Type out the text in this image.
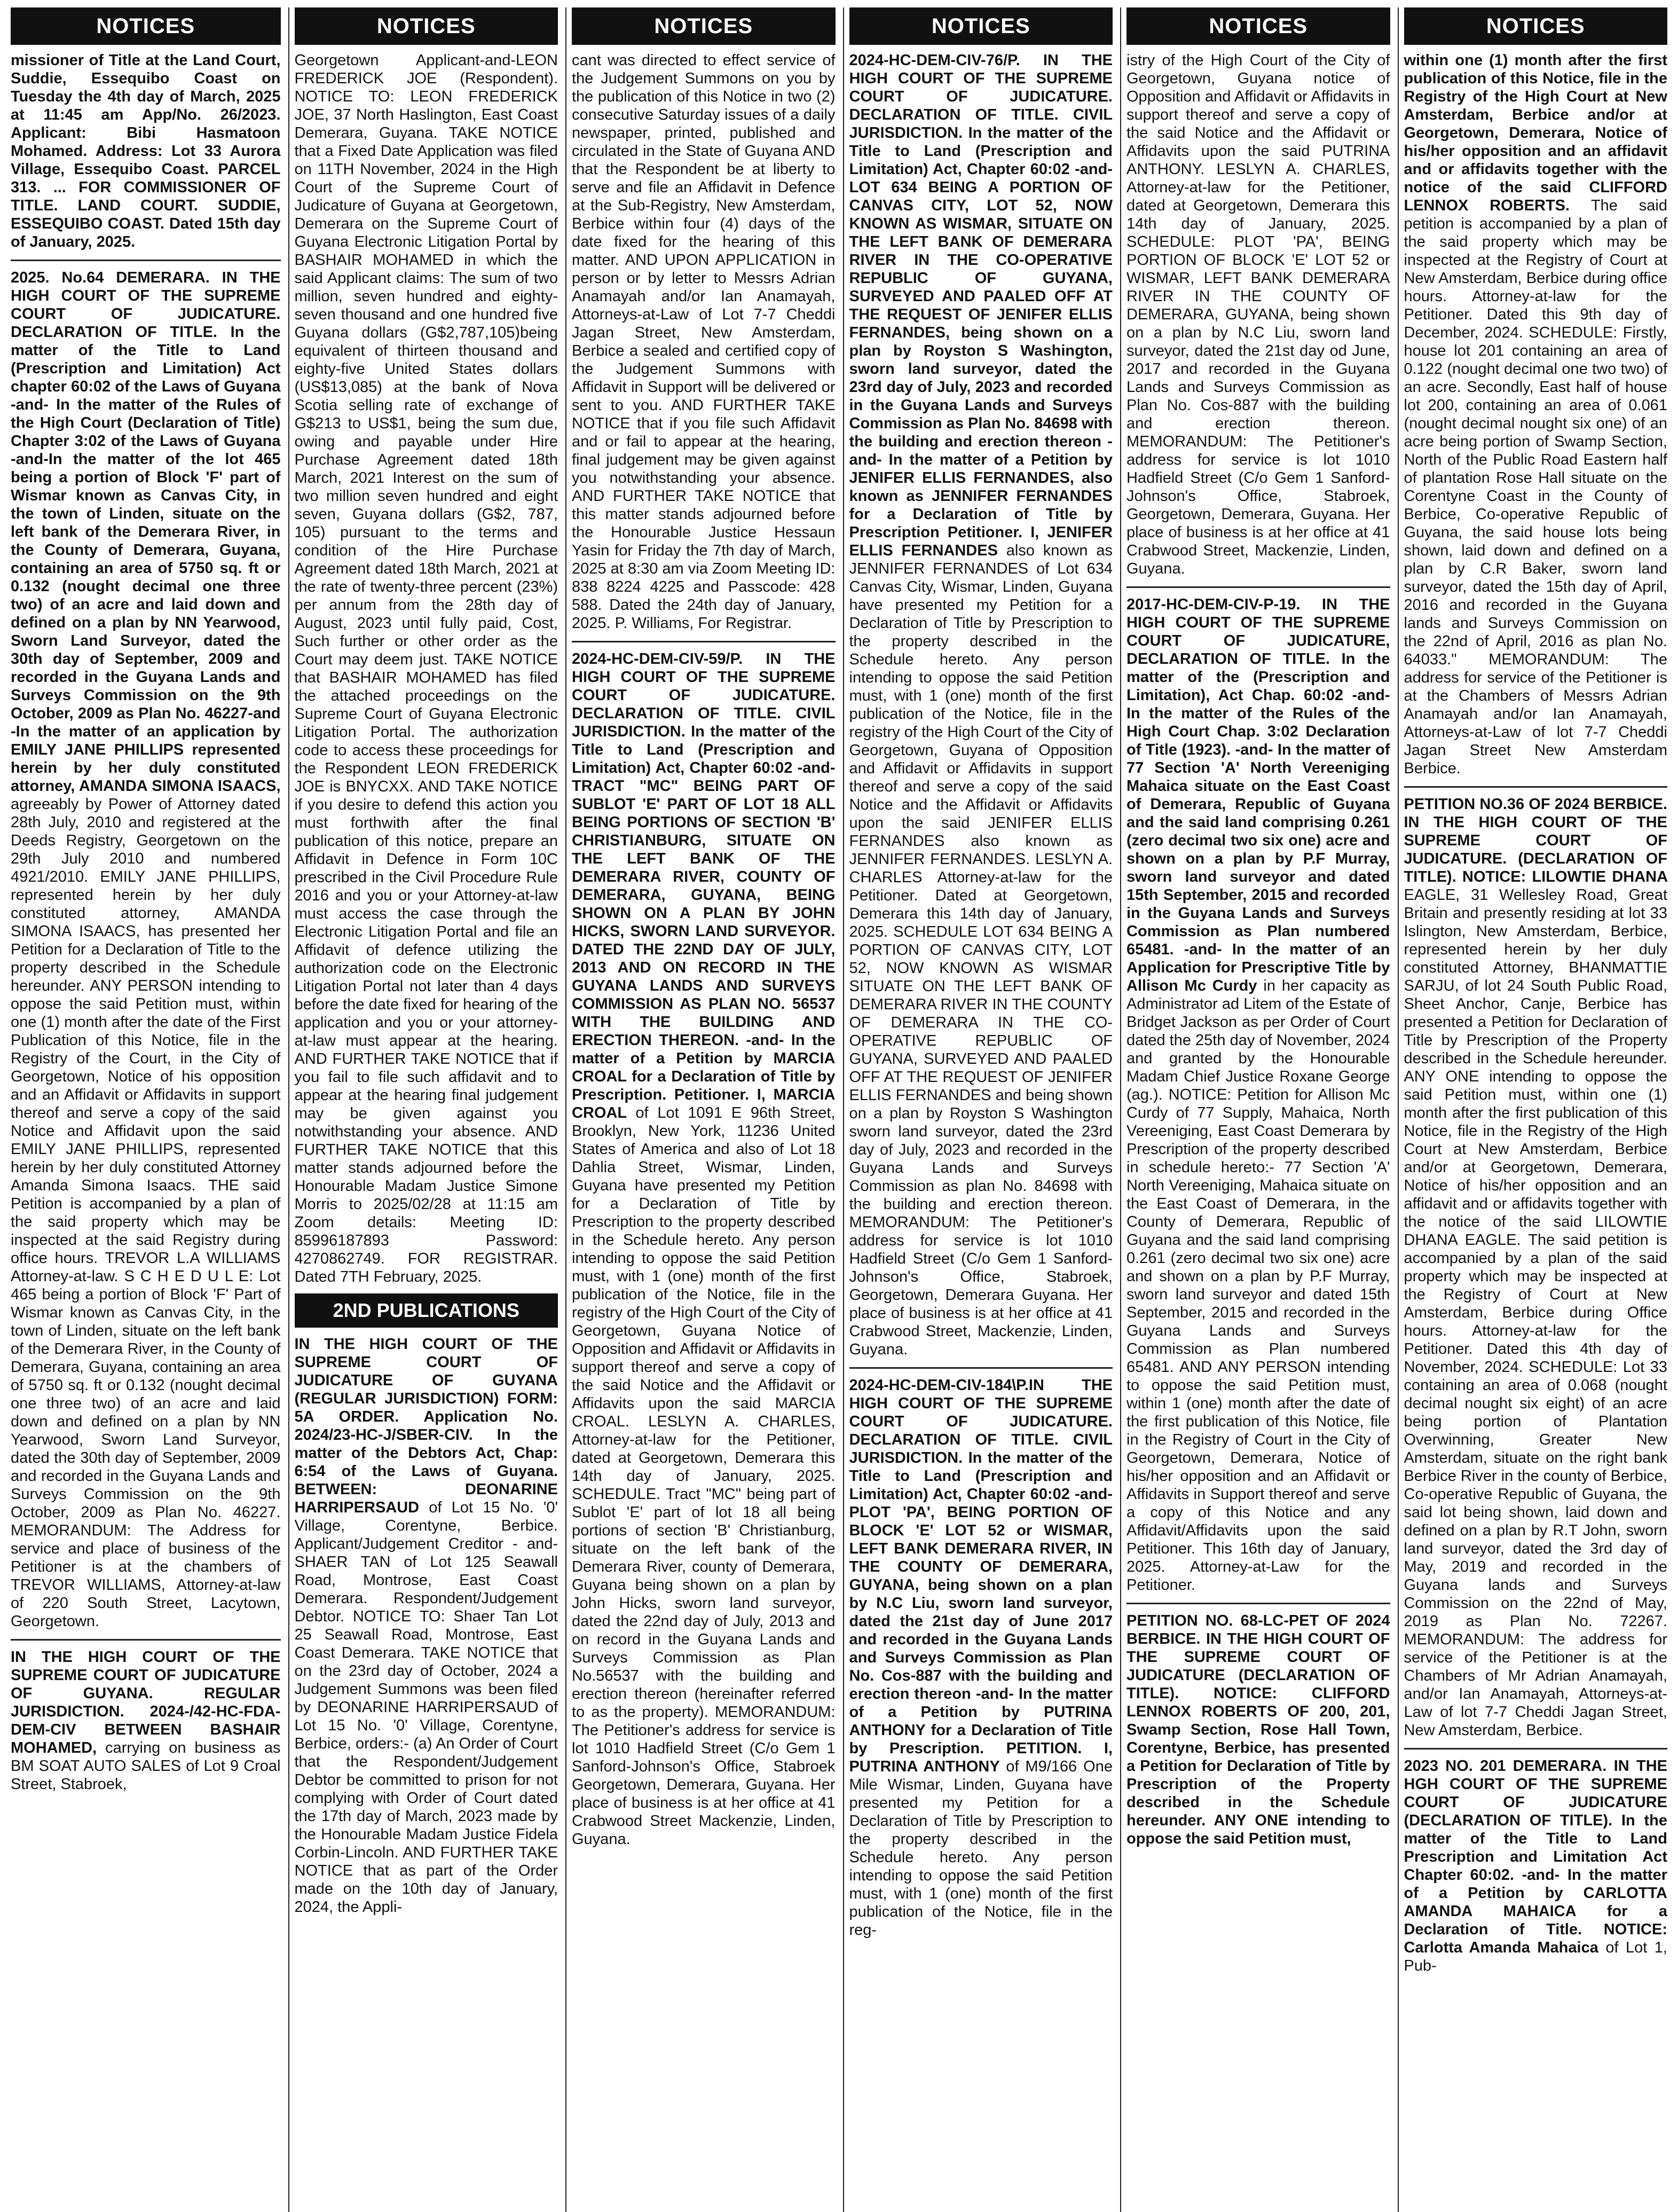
NOTICES
missioner of Title at the Land Court, Suddie, Essequibo Coast on Tuesday the 4th day of March, 2025 at 11:45 am App/No. 26/2023. Applicant: Bibi Hasmatoon Mohamed. Address: Lot 33 Aurora Village, Essequibo Coast. PARCEL 313. ... FOR COMMISSIONER OF TITLE. LAND COURT. SUDDIE, ESSEQUIBO COAST. Dated 15th day of January, 2025.
2025. No.64 DEMERARA. IN THE HIGH COURT OF THE SUPREME COURT OF JUDICATURE. DECLARATION OF TITLE. In the matter of the Title to Land (Prescription and Limitation) Act chapter 60:02 of the Laws of Guyana -and- In the matter of the Rules of the High Court (Declaration of Title) Chapter 3:02 of the Laws of Guyana -and-In the matter of the lot 465 being a portion of Block 'F' part of Wismar known as Canvas City, in the town of Linden, situate on the left bank of the Demerara River, in the County of Demerara, Guyana, containing an area of 5750 sq. ft or 0.132 (nought decimal one three two) of an acre and laid down and defined on a plan by NN Yearwood, Sworn Land Surveyor, dated the 30th day of September, 2009 and recorded in the Guyana Lands and Surveys Commission on the 9th October, 2009 as Plan No. 46227-and -In the matter of an application by EMILY JANE PHILLIPS represented herein by her duly constituted attorney, AMANDA SIMONA ISAACS, agreeably by Power of Attorney dated 28th July, 2010 and registered at the Deeds Registry, Georgetown on the 29th July 2010 and numbered 4921/2010. EMILY JANE PHILLIPS, represented herein by her duly constituted attorney, AMANDA SIMONA ISAACS, has presented her Petition for a Declaration of Title to the property described in the Schedule hereunder. ANY PERSON intending to oppose the said Petition must, within one (1) month after the date of the First Publication of this Notice, file in the Registry of the Court, in the City of Georgetown, Notice of his opposition and an Affidavit or Affidavits in support thereof and serve a copy of the said Notice and Affidavit upon the said EMILY JANE PHILLIPS, represented herein by her duly constituted Attorney Amanda Simona Isaacs. THE said Petition is accompanied by a plan of the said property which may be inspected at the said Registry during office hours. TREVOR L.A WILLIAMS Attorney-at-law. S C H E D U L E: Lot 465 being a portion of Block 'F' Part of Wismar known as Canvas City, in the town of Linden, situate on the left bank of the Demerara River, in the County of Demerara, Guyana, containing an area of 5750 sq. ft or 0.132 (nought decimal one three two) of an acre and laid down and defined on a plan by NN Yearwood, Sworn Land Surveyor, dated the 30th day of September, 2009 and recorded in the Guyana Lands and Surveys Commission on the 9th October, 2009 as Plan No. 46227. MEMORANDUM: The Address for service and place of business of the Petitioner is at the chambers of TREVOR WILLIAMS, Attorney-at-law of 220 South Street, Lacytown, Georgetown.
IN THE HIGH COURT OF THE SUPREME COURT OF JUDICATURE OF GUYANA. REGULAR JURISDICTION. 2024-/42-HC-FDA-DEM-CIV BETWEEN BASHAIR MOHAMED, carrying on business as BM SOAT AUTO SALES of Lot 9 Croal Street, Stabroek,
NOTICES
Georgetown Applicant-and-LEON FREDERICK JOE (Respondent). NOTICE TO: LEON FREDERICK JOE, 37 North Haslington, East Coast Demerara, Guyana. TAKE NOTICE that a Fixed Date Application was filed on 11TH November, 2024 in the High Court of the Supreme Court of Judicature of Guyana at Georgetown, Demerara on the Supreme Court of Guyana Electronic Litigation Portal by BASHAIR MOHAMED in which the said Applicant claims: The sum of two million, seven hundred and eighty-seven thousand and one hundred five Guyana dollars (G$2,787,105)being equivalent of thirteen thousand and eighty-five United States dollars (US$13,085) at the bank of Nova Scotia selling rate of exchange of G$213 to US$1, being the sum due, owing and payable under Hire Purchase Agreement dated 18th March, 2021 Interest on the sum of two million seven hundred and eight seven, Guyana dollars (G$2, 787, 105) pursuant to the terms and condition of the Hire Purchase Agreement dated 18th March, 2021 at the rate of twenty-three percent (23%) per annum from the 28th day of August, 2023 until fully paid, Cost, Such further or other order as the Court may deem just. TAKE NOTICE that BASHAIR MOHAMED has filed the attached proceedings on the Supreme Court of Guyana Electronic Litigation Portal. The authorization code to access these proceedings for the Respondent LEON FREDERICK JOE is BNYCXX. AND TAKE NOTICE if you desire to defend this action you must forthwith after the final publication of this notice, prepare an Affidavit in Defence in Form 10C prescribed in the Civil Procedure Rule 2016 and you or your Attorney-at-law must access the case through the Electronic Litigation Portal and file an Affidavit of defence utilizing the authorization code on the Electronic Litigation Portal not later than 4 days before the date fixed for hearing of the application and you or your attorney-at-law must appear at the hearing. AND FURTHER TAKE NOTICE that if you fail to file such affidavit and to appear at the hearing final judgement may be given against you notwithstanding your absence. AND FURTHER TAKE NOTICE that this matter stands adjourned before the Honourable Madam Justice Simone Morris to 2025/02/28 at 11:15 am Zoom details: Meeting ID: 85996187893 Password: 4270862749. FOR REGISTRAR. Dated 7TH February, 2025.
2ND PUBLICATIONS
IN THE HIGH COURT OF THE SUPREME COURT OF JUDICATURE OF GUYANA (REGULAR JURISDICTION) FORM: 5A ORDER. Application No. 2024/23-HC-J/SBER-CIV. In the matter of the Debtors Act, Chap: 6:54 of the Laws of Guyana. BETWEEN: DEONARINE HARRIPERSAUD of Lot 15 No. '0' Village, Corentyne, Berbice. Applicant/Judgement Creditor - and- SHAER TAN of Lot 125 Seawall Road, Montrose, East Coast Demerara. Respondent/Judgement Debtor. NOTICE TO: Shaer Tan Lot 25 Seawall Road, Montrose, East Coast Demerara. TAKE NOTICE that on the 23rd day of October, 2024 a Judgement Summons was been filed by DEONARINE HARRIPERSAUD of Lot 15 No. '0' Village, Corentyne, Berbice, orders:- (a) An Order of Court that the Respondent/Judgement Debtor be committed to prison for not complying with Order of Court dated the 17th day of March, 2023 made by the Honourable Madam Justice Fidela Corbin-Lincoln. AND FURTHER TAKE NOTICE that as part of the Order made on the 10th day of January, 2024, the Appli-
NOTICES
cant was directed to effect service of the Judgement Summons on you by the publication of this Notice in two (2) consecutive Saturday issues of a daily newspaper, printed, published and circulated in the State of Guyana AND that the Respondent be at liberty to serve and file an Affidavit in Defence at the Sub-Registry, New Amsterdam, Berbice within four (4) days of the date fixed for the hearing of this matter. AND UPON APPLICATION in person or by letter to Messrs Adrian Anamayah and/or Ian Anamayah, Attorneys-at-Law of Lot 7-7 Cheddi Jagan Street, New Amsterdam, Berbice a sealed and certified copy of the Judgement Summons with Affidavit in Support will be delivered or sent to you. AND FURTHER TAKE NOTICE that if you file such Affidavit and or fail to appear at the hearing, final judgement may be given against you notwithstanding your absence. AND FURTHER TAKE NOTICE that this matter stands adjourned before the Honourable Justice Hessaun Yasin for Friday the 7th day of March, 2025 at 8:30 am via Zoom Meeting ID: 838 8224 4225 and Passcode: 428 588. Dated the 24th day of January, 2025. P. Williams, For Registrar.
2024-HC-DEM-CIV-59/P. IN THE HIGH COURT OF THE SUPREME COURT OF JUDICATURE. DECLARATION OF TITLE. CIVIL JURISDICTION. In the matter of the Title to Land (Prescription and Limitation) Act, Chapter 60:02 -and- TRACT "MC" BEING PART OF SUBLOT 'E' PART OF LOT 18 ALL BEING PORTIONS OF SECTION 'B' CHRISTIANBURG, SITUATE ON THE LEFT BANK OF THE DEMERARA RIVER, COUNTY OF DEMERARA, GUYANA, BEING SHOWN ON A PLAN BY JOHN HICKS, SWORN LAND SURVEYOR. DATED THE 22ND DAY OF JULY, 2013 AND ON RECORD IN THE GUYANA LANDS AND SURVEYS COMMISSION AS PLAN NO. 56537 WITH THE BUILDING AND ERECTION THEREON. -and- In the matter of a Petition by MARCIA CROAL for a Declaration of Title by Prescription. Petitioner. I, MARCIA CROAL of Lot 1091 E 96th Street, Brooklyn, New York, 11236 United States of America and also of Lot 18 Dahlia Street, Wismar, Linden, Guyana have presented my Petition for a Declaration of Title by Prescription to the property described in the Schedule hereto. Any person intending to oppose the said Petition must, with 1 (one) month of the first publication of the Notice, file in the registry of the High Court of the City of Georgetown, Guyana Notice of Opposition and Affidavit or Affidavits in support thereof and serve a copy of the said Notice and the Affidavit or Affidavits upon the said MARCIA CROAL. LESLYN A. CHARLES, Attorney-at-law for the Petitioner, dated at Georgetown, Demerara this 14th day of January, 2025. SCHEDULE. Tract "MC" being part of Sublot 'E' part of lot 18 all being portions of section 'B' Christianburg, situate on the left bank of the Demerara River, county of Demerara, Guyana being shown on a plan by John Hicks, sworn land surveyor, dated the 22nd day of July, 2013 and on record in the Guyana Lands and Surveys Commission as Plan No.56537 with the building and erection thereon (hereinafter referred to as the property). MEMORANDUM: The Petitioner's address for service is lot 1010 Hadfield Street (C/o Gem 1 Sanford-Johnson's Office, Stabroek Georgetown, Demerara, Guyana. Her place of business is at her office at 41 Crabwood Street Mackenzie, Linden, Guyana.
NOTICES
2024-HC-DEM-CIV-76/P. IN THE HIGH COURT OF THE SUPREME COURT OF JUDICATURE. DECLARATION OF TITLE. CIVIL JURISDICTION. In the matter of the Title to Land (Prescription and Limitation) Act, Chapter 60:02 -and- LOT 634 BEING A PORTION OF CANVAS CITY, LOT 52, NOW KNOWN AS WISMAR, SITUATE ON THE LEFT BANK OF DEMERARA RIVER IN THE CO-OPERATIVE REPUBLIC OF GUYANA, SURVEYED AND PAALED OFF AT THE REQUEST OF JENIFER ELLIS FERNANDES, being shown on a plan by Royston S Washington, sworn land surveyor, dated the 23rd day of July, 2023 and recorded in the Guyana Lands and Surveys Commission as Plan No. 84698 with the building and erection thereon -and- In the matter of a Petition by JENIFER ELLIS FERNANDES, also known as JENNIFER FERNANDES for a Declaration of Title by Prescription Petitioner. I, JENIFER ELLIS FERNANDES also known as JENNIFER FERNANDES of Lot 634 Canvas City, Wismar, Linden, Guyana have presented my Petition for a Declaration of Title by Prescription to the property described in the Schedule hereto. Any person intending to oppose the said Petition must, with 1 (one) month of the first publication of the Notice, file in the registry of the High Court of the City of Georgetown, Guyana of Opposition and Affidavit or Affidavits in support thereof and serve a copy of the said Notice and the Affidavit or Affidavits upon the said JENIFER ELLIS FERNANDES also known as JENNIFER FERNANDES. LESLYN A. CHARLES Attorney-at-law for the Petitioner. Dated at Georgetown, Demerara this 14th day of January, 2025. SCHEDULE LOT 634 BEING A PORTION OF CANVAS CITY, LOT 52, NOW KNOWN AS WISMAR SITUATE ON THE LEFT BANK OF DEMERARA RIVER IN THE COUNTY OF DEMERARA IN THE CO-OPERATIVE REPUBLIC OF GUYANA, SURVEYED AND PAALED OFF AT THE REQUEST OF JENIFER ELLIS FERNANDES and being shown on a plan by Royston S Washington sworn land surveyor, dated the 23rd day of July, 2023 and recorded in the Guyana Lands and Surveys Commission as plan No. 84698 with the building and erection thereon. MEMORANDUM: The Petitioner's address for service is lot 1010 Hadfield Street (C/o Gem 1 Sanford-Johnson's Office, Stabroek, Georgetown, Demerara Guyana. Her place of business is at her office at 41 Crabwood Street, Mackenzie, Linden, Guyana.
2024-HC-DEM-CIV-184\P.IN THE HIGH COURT OF THE SUPREME COURT OF JUDICATURE. DECLARATION OF TITLE. CIVIL JURISDICTION. In the matter of the Title to Land (Prescription and Limitation) Act, Chapter 60:02 -and- PLOT 'PA', BEING PORTION OF BLOCK 'E' LOT 52 or WISMAR, LEFT BANK DEMERARA RIVER, IN THE COUNTY OF DEMERARA, GUYANA, being shown on a plan by N.C Liu, sworn land surveyor, dated the 21st day of June 2017 and recorded in the Guyana Lands and Surveys Commission as Plan No. Cos-887 with the building and erection thereon -and- In the matter of a Petition by PUTRINA ANTHONY for a Declaration of Title by Prescription. PETITION. I, PUTRINA ANTHONY of M9/166 One Mile Wismar, Linden, Guyana have presented my Petition for a Declaration of Title by Prescription to the property described in the Schedule hereto. Any person intending to oppose the said Petition must, with 1 (one) month of the first publication of the Notice, file in the reg-
NOTICES
istry of the High Court of the City of Georgetown, Guyana notice of Opposition and Affidavit or Affidavits in support thereof and serve a copy of the said Notice and the Affidavit or Affidavits upon the said PUTRINA ANTHONY. LESLYN A. CHARLES, Attorney-at-law for the Petitioner, dated at Georgetown, Demerara this 14th day of January, 2025. SCHEDULE: PLOT 'PA', BEING PORTION OF BLOCK 'E' LOT 52 or WISMAR, LEFT BANK DEMERARA RIVER IN THE COUNTY OF DEMERARA, GUYANA, being shown on a plan by N.C Liu, sworn land surveyor, dated the 21st day od June, 2017 and recorded in the Guyana Lands and Surveys Commission as Plan No. Cos-887 with the building and erection thereon. MEMORANDUM: The Petitioner's address for service is lot 1010 Hadfield Street (C/o Gem 1 Sanford-Johnson's Office, Stabroek, Georgetown, Demerara, Guyana. Her place of business is at her office at 41 Crabwood Street, Mackenzie, Linden, Guyana.
2017-HC-DEM-CIV-P-19. IN THE HIGH COURT OF THE SUPREME COURT OF JUDICATURE, DECLARATION OF TITLE. In the matter of the (Prescription and Limitation), Act Chap. 60:02 -and- In the matter of the Rules of the High Court Chap. 3:02 Declaration of Title (1923). -and- In the matter of 77 Section 'A' North Vereeniging Mahaica situate on the East Coast of Demerara, Republic of Guyana and the said land comprising 0.261 (zero decimal two six one) acre and shown on a plan by P.F Murray, sworn land surveyor and dated 15th September, 2015 and recorded in the Guyana Lands and Surveys Commission as Plan numbered 65481. -and- In the matter of an Application for Prescriptive Title by Allison Mc Curdy in her capacity as Administrator ad Litem of the Estate of Bridget Jackson as per Order of Court dated the 25th day of November, 2024 and granted by the Honourable Madam Chief Justice Roxane George (ag.). NOTICE: Petition for Allison Mc Curdy of 77 Supply, Mahaica, North Vereeniging, East Coast Demerara by Prescription of the property described in schedule hereto:- 77 Section 'A' North Vereeniging, Mahaica situate on the East Coast of Demerara, in the County of Demerara, Republic of Guyana and the said land comprising 0.261 (zero decimal two six one) acre and shown on a plan by P.F Murray, sworn land surveyor and dated 15th September, 2015 and recorded in the Guyana Lands and Surveys Commission as Plan numbered 65481. AND ANY PERSON intending to oppose the said Petition must, within 1 (one) month after the date of the first publication of this Notice, file in the Registry of Court in the City of Georgetown, Demerara, Notice of his/her opposition and an Affidavit or Affidavits in Support thereof and serve a copy of this Notice and any Affidavit/Affidavits upon the said Petitioner. This 16th day of January, 2025. Attorney-at-Law for the Petitioner.
PETITION NO. 68-LC-PET OF 2024 BERBICE. IN THE HIGH COURT OF THE SUPREME COURT OF JUDICATURE (DECLARATION OF TITLE). NOTICE: CLIFFORD LENNOX ROBERTS OF 200, 201, Swamp Section, Rose Hall Town, Corentyne, Berbice, has presented a Petition for Declaration of Title by Prescription of the Property described in the Schedule hereunder. ANY ONE intending to oppose the said Petition must,
NOTICES
within one (1) month after the first publication of this Notice, file in the Registry of the High Court at New Amsterdam, Berbice and/or at Georgetown, Demerara, Notice of his/her opposition and an affidavit and or affidavits together with the notice of the said CLIFFORD LENNOX ROBERTS. The said petition is accompanied by a plan of the said property which may be inspected at the Registry of Court at New Amsterdam, Berbice during office hours. Attorney-at-law for the Petitioner. Dated this 9th day of December, 2024. SCHEDULE: Firstly, house lot 201 containing an area of 0.122 (nought decimal one two two) of an acre. Secondly, East half of house lot 200, containing an area of 0.061 (nought decimal nought six one) of an acre being portion of Swamp Section, North of the Public Road Eastern half of plantation Rose Hall situate on the Corentyne Coast in the County of Berbice, Co-operative Republic of Guyana, the said house lots being shown, laid down and defined on a plan by C.R Baker, sworn land surveyor, dated the 15th day of April, 2016 and recorded in the Guyana lands and Surveys Commission on the 22nd of April, 2016 as plan No. 64033." MEMORANDUM: The address for service of the Petitioner is at the Chambers of Messrs Adrian Anamayah and/or Ian Anamayah, Attorneys-at-Law of lot 7-7 Cheddi Jagan Street New Amsterdam Berbice.
PETITION NO.36 OF 2024 BERBICE. IN THE HIGH COURT OF THE SUPREME COURT OF JUDICATURE. (DECLARATION OF TITLE). NOTICE: LILOWTIE DHANA EAGLE, 31 Wellesley Road, Great Britain and presently residing at lot 33 Islington, New Amsterdam, Berbice, represented herein by her duly constituted Attorney, BHANMATTIE SARJU, of lot 24 South Public Road, Sheet Anchor, Canje, Berbice has presented a Petition for Declaration of Title by Prescription of the Property described in the Schedule hereunder. ANY ONE intending to oppose the said Petition must, within one (1) month after the first publication of this Notice, file in the Registry of the High Court at New Amsterdam, Berbice and/or at Georgetown, Demerara, Notice of his/her opposition and an affidavit and or affidavits together with the notice of the said LILOWTIE DHANA EAGLE. The said petition is accompanied by a plan of the said property which may be inspected at the Registry of Court at New Amsterdam, Berbice during Office hours. Attorney-at-law for the Petitioner. Dated this 4th day of November, 2024. SCHEDULE: Lot 33 containing an area of 0.068 (nought decimal nought six eight) of an acre being portion of Plantation Overwinning, Greater New Amsterdam, situate on the right bank Berbice River in the county of Berbice, Co-operative Republic of Guyana, the said lot being shown, laid down and defined on a plan by R.T John, sworn land surveyor, dated the 3rd day of May, 2019 and recorded in the Guyana lands and Surveys Commission on the 22nd of May, 2019 as Plan No. 72267. MEMORANDUM: The address for service of the Petitioner is at the Chambers of Mr Adrian Anamayah, and/or Ian Anamayah, Attorneys-at-Law of lot 7-7 Cheddi Jagan Street, New Amsterdam, Berbice.
2023 NO. 201 DEMERARA. IN THE HGH COURT OF THE SUPREME COURT OF JUDICATURE (DECLARATION OF TITLE). In the matter of the Title to Land Prescription and Limitation Act Chapter 60:02. -and- In the matter of a Petition by CARLOTTA AMANDA MAHAICA for a Declaration of Title. NOTICE: Carlotta Amanda Mahaica of Lot 1, Pub-
